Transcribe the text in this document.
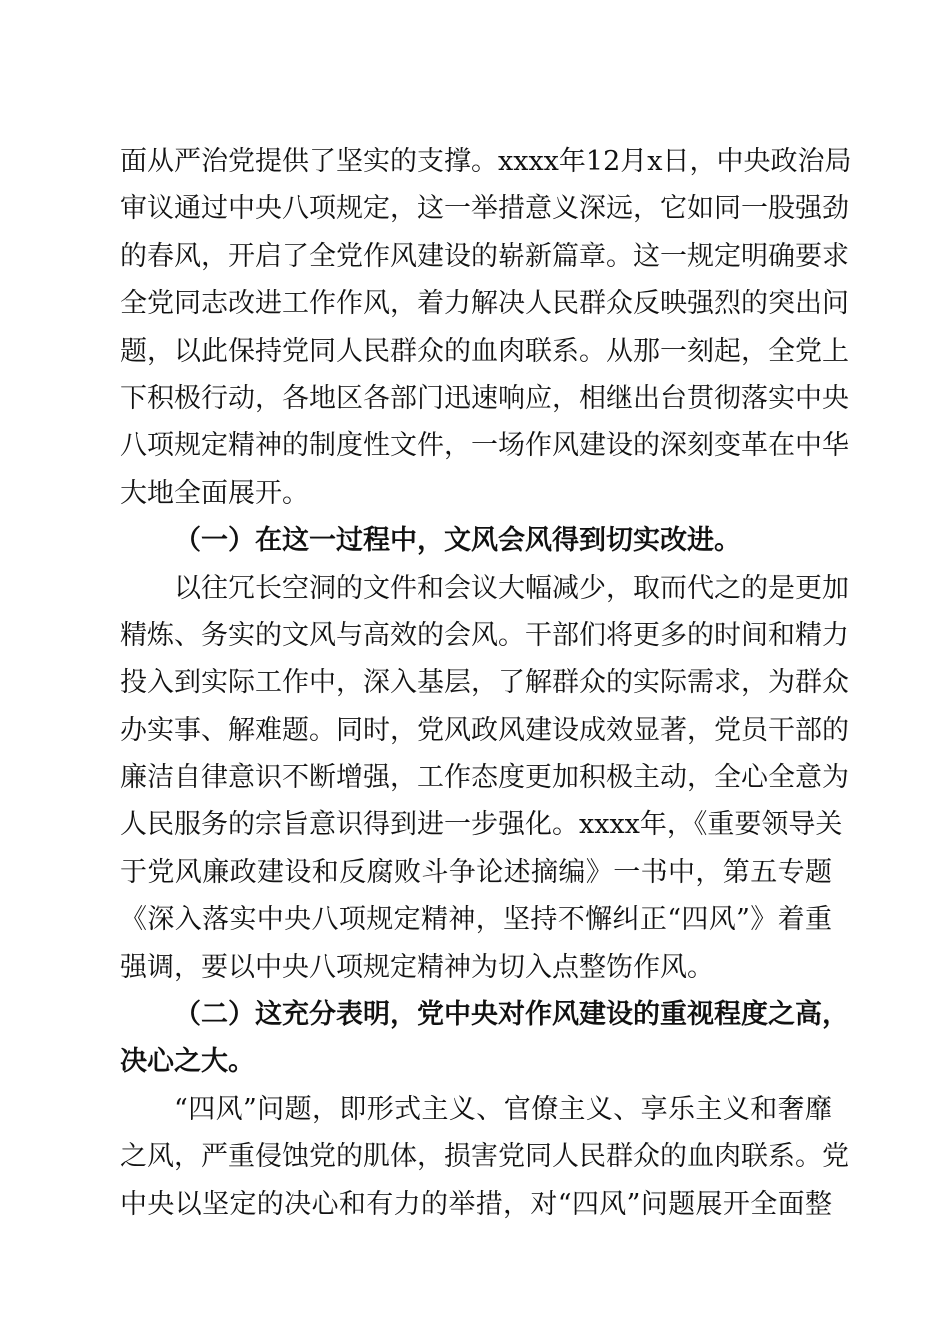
面从严治党提供了坚实的支撑。xxxx年12月x日，中央政治局
审议通过中央八项规定，这一举措意义深远，它如同一股强劲
的春风，开启了全党作风建设的崭新篇章。这一规定明确要求
全党同志改进工作作风，着力解决人民群众反映强烈的突出问
题，以此保持党同人民群众的血肉联系。从那一刻起，全党上
下积极行动，各地区各部门迅速响应，相继出台贯彻落实中央
八项规定精神的制度性文件，一场作风建设的深刻变革在中华
大地全面展开。
（一）在这一过程中，文风会风得到切实改进。
以往冗长空洞的文件和会议大幅减少，取而代之的是更加
精炼、务实的文风与高效的会风。干部们将更多的时间和精力
投入到实际工作中，深入基层，了解群众的实际需求，为群众
办实事、解难题。同时，党风政风建设成效显著，党员干部的
廉洁自律意识不断增强，工作态度更加积极主动，全心全意为
人民服务的宗旨意识得到进一步强化。xxxx年，《重要领导关
于党风廉政建设和反腐败斗争论述摘编》一书中，第五专题
《深入落实中央八项规定精神，坚持不懈纠正“四风”》着重
强调，要以中央八项规定精神为切入点整饬作风。
（二）这充分表明，党中央对作风建设的重视程度之高，
决心之大。
“四风”问题，即形式主义、官僚主义、享乐主义和奢靡
之风，严重侵蚀党的肌体，损害党同人民群众的血肉联系。党
中央以坚定的决心和有力的举措，对“四风”问题展开全面整
